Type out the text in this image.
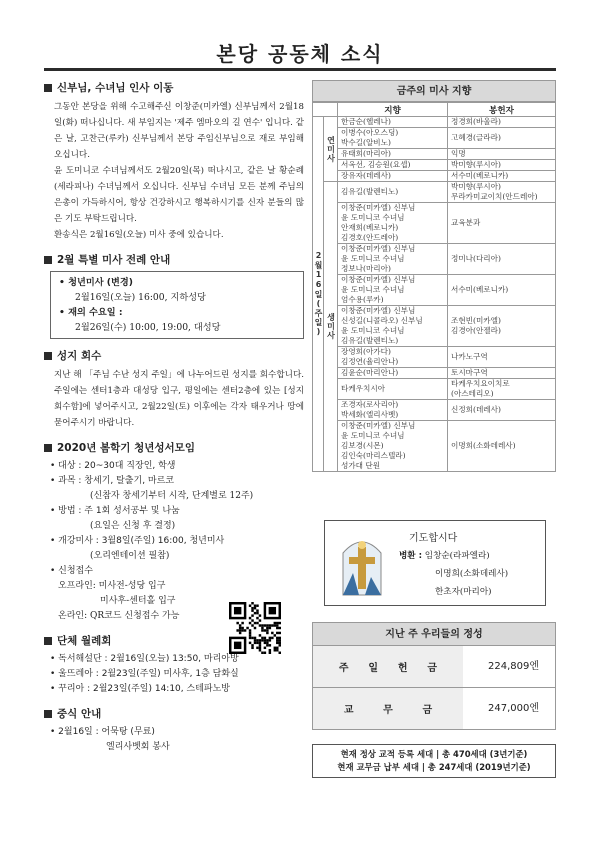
본당 공동체 소식
신부님, 수녀님 인사 이동
그동안 본당을 위해 수고해주신 이창준(미카엘) 신부님께서 2월18일(화) 떠나십니다. 새 부임지는 '제주 엠마오의 길 연수' 입니다. 같은 날, 고찬근(루카) 신부님께서 본당 주임신부님으로 재로 부임해 오십니다.
윤 도미니코 수녀님께서도 2월20일(목) 떠나시고, 같은 날 황순례(세라피나) 수녀님께서 오십니다. 신부님 수녀님 모든 분께 주님의 은총이 가득하시어, 항상 건강하시고 행복하시기를 신자 분들의 많은 기도 부탁드립니다.
환송식은 2월16일(오늘) 미사 중에 있습니다.
2월 특별 미사 전례 안내
• 청년미사 (변경)
2월16일(오늘) 16:00, 지하성당
• 재의 수요일 :
2월26일(수) 10:00, 19:00, 대성당
성지 회수
지난 해 「주님 수난 성지 주일」에 나누어드린 성지를 회수합니다. 주일에는 센터1층과 대성당 입구, 평일에는 센터2층에 있는 [성지 회수함]에 넣어주시고, 2월22일(토) 이후에는 각자 태우거나 땅에 묻어주시기 바랍니다.
2020년 봄학기 청년성서모임
• 대상 : 20~30대 직장인, 학생
• 과목 : 창세기, 탈출기, 마르코
(신참자 창세기부터 시작, 단계별로 12주)
• 방법 : 주 1회 성서공부 및 나눔
(요일은 신청 후 결정)
• 개강미사 : 3월8일(주일) 16:00, 청년미사
(오리엔테이션 필참)
• 신청접수
오프라인: 미사전-성당 입구
미사후-센터홀 입구
온라인: QR코드 신청접수 가능
단체 월례회
• 독서해설단 : 2월16일(오늘) 13:50, 마리아방
• 울뜨레아 : 2월23일(주일) 미사후, 1층 담화실
• 꾸리아 : 2월23일(주일) 14:10, 스테파노방
중식 안내
• 2월16일 : 어묵탕 (무료)
엘리사벳회 봉사
금주의 미사 지향
		지향	봉헌자
2월16일(주일)	연미사	한금순(헬레나)	정경희(바울라)
		이병수(아오스딩)
박수길(알비노)	고혜경(글라라)
		유태희(마리아)	익명
		서옥선, 김승원(요셉)	박미향(루시아)
		장유자(데레사)	서수미(베로니카)
	생미사	김유길(발렌티노)	박미향(루시아)
무라카미교이치(안드레아)
		이창준(미카엘) 신부님
윤 도미니코 수녀님
안재희(베로니카)
김경호(안드레아)	교육분과
		이창준(미카엘) 신부님
윤 도미니코 수녀님
정보나(마리아)	정미나(다리아)
		이창준(미카엘) 신부님
윤 도미니코 수녀님
엄수용(루카)	서수미(베로니카)
		이창준(미카엘) 신부님
신성길(니콜라오) 신부님
윤 도미니코 수녀님
김유길(발렌티노)	조현빈(미카엘)
김경아(안젤라)
		장영희(아가다)
김정연(율리안나)	나카노구역
		김윤순(마리안나)	토시마구역
		타케우치시아	타케우치요이치로
(아스테리오)
		조경자(로사리아)
박세화(엘리사벳)	신정희(데레사)
		이창준(미카엘) 신부님
윤 도미니코 수녀님
김보경(시몬)
김인숙(마리스텔라)
성가대 단원	이명희(소화데레사)
기도합시다
병환 : 임창순(라파엘라)
이명희(소화데레사)
한초자(마리아)
지난 주 우리들의 정성
주 일 헌 금	224,809엔
교	무	금	247,000엔
현재 정상 교적 등록 세대 | 총 470세대 (3년기준)
현재 교무금 납부 세대 | 총 247세대 (2019년기준)
